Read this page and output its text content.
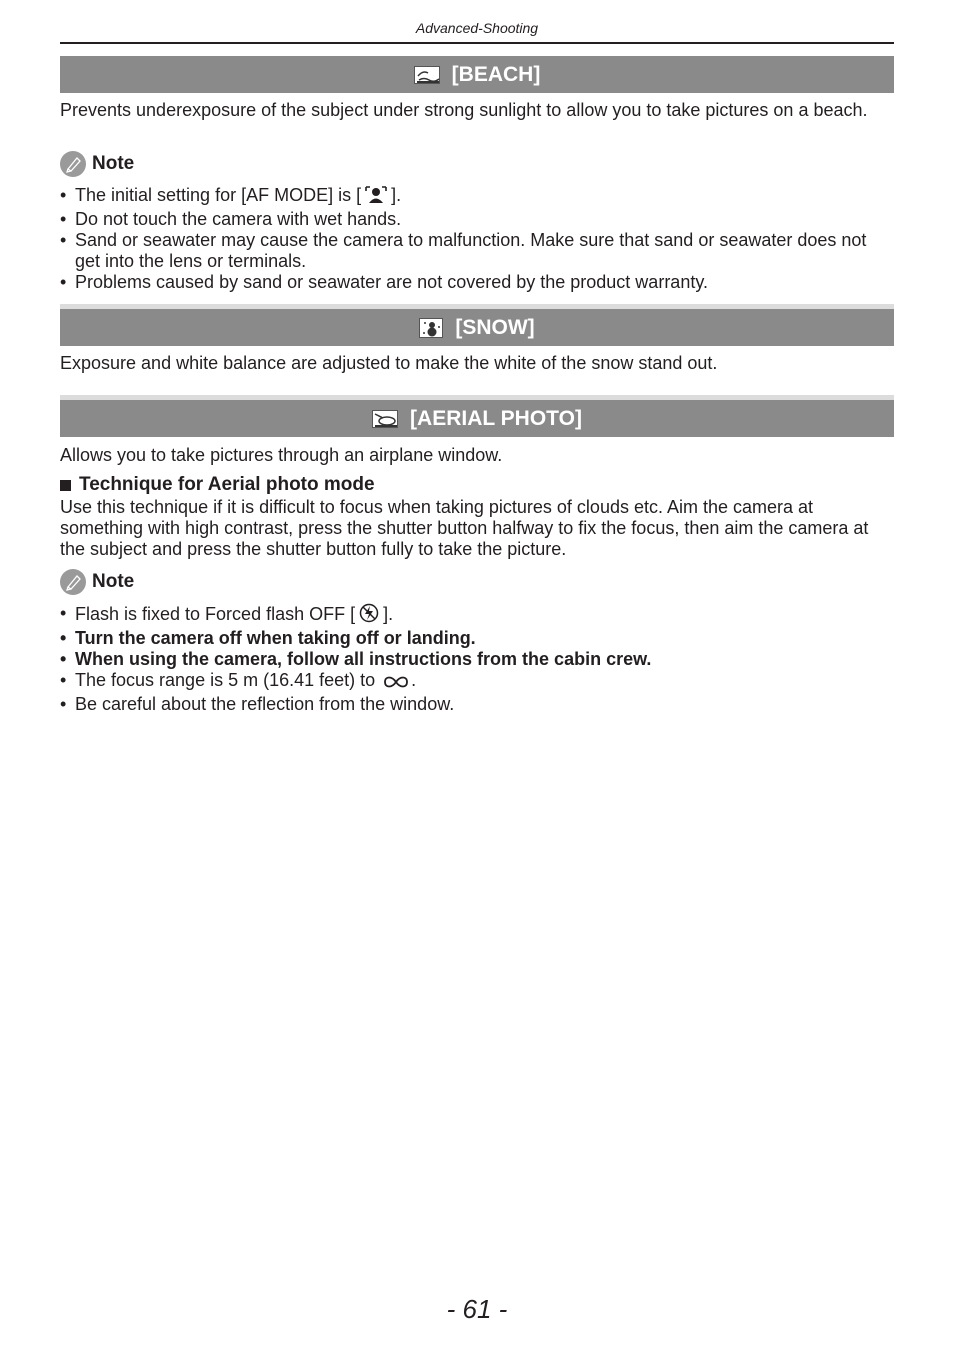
Advanced-Shooting
[BEACH]
Prevents underexposure of the subject under strong sunlight to allow you to take pictures on a beach.
Note
• The initial setting for [AF MODE] is [ ].
• Do not touch the camera with wet hands.
• Sand or seawater may cause the camera to malfunction. Make sure that sand or seawater does not get into the lens or terminals.
• Problems caused by sand or seawater are not covered by the product warranty.
[SNOW]
Exposure and white balance are adjusted to make the white of the snow stand out.
[AERIAL PHOTO]
Allows you to take pictures through an airplane window.
Technique for Aerial photo mode
Use this technique if it is difficult to focus when taking pictures of clouds etc. Aim the camera at something with high contrast, press the shutter button halfway to fix the focus, then aim the camera at the subject and press the shutter button fully to take the picture.
Note
• Flash is fixed to Forced flash OFF [ ].
• Turn the camera off when taking off or landing.
• When using the camera, follow all instructions from the cabin crew.
• The focus range is 5 m (16.41 feet) to .
• Be careful about the reflection from the window.
- 61 -
